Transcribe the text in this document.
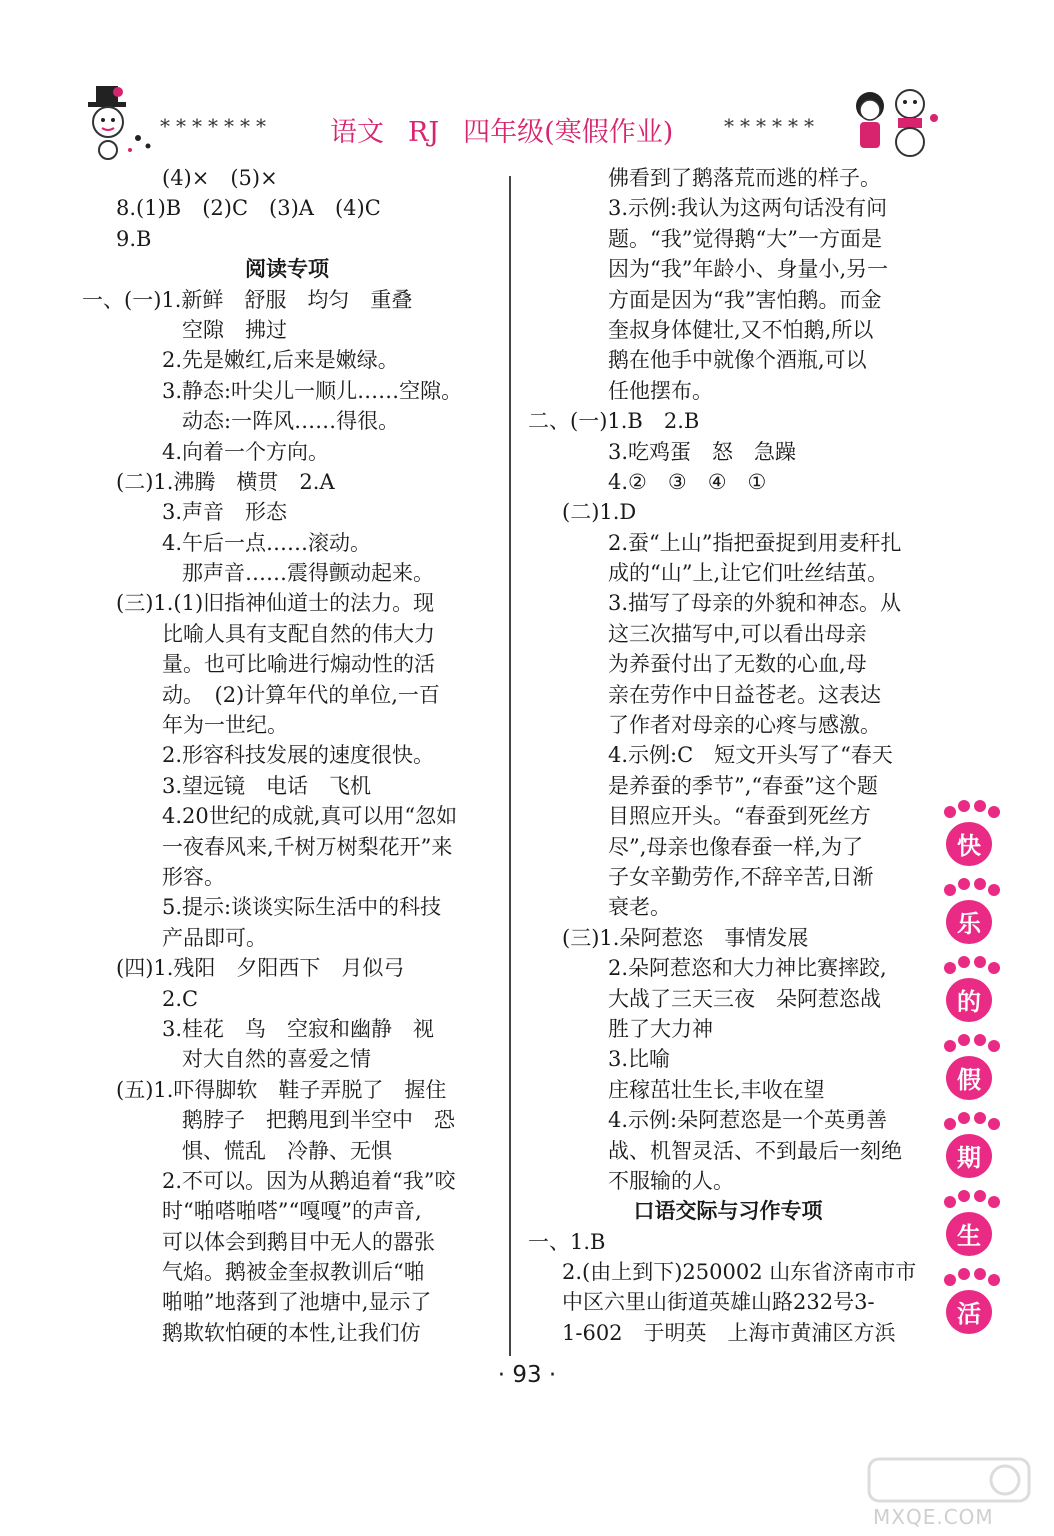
******* 语文 RJ 四年级(寒假作业)	******
(4)×　(5)×
8.(1)B　(2)C　(3)A　(4)C
9.B
阅读专项
一、(一)1.新鲜　舒服　均匀　重叠
空隙　拂过
2.先是嫩红,后来是嫩绿。
3.静态:叶尖儿一顺儿……空隙。
动态:一阵风……得很。
4.向着一个方向。
(二)1.沸腾　横贯　2.A
3.声音　形态
4.午后一点……滚动。
那声音……震得颤动起来。
(三)1.(1)旧指神仙道士的法力。现
比喻人具有支配自然的伟大力
量。也可比喻进行煽动性的活
动。　(2)计算年代的单位,一百
年为一世纪。
2.形容科技发展的速度很快。
3.望远镜　电话　飞机
4.20世纪的成就,真可以用“忽如
一夜春风来,千树万树梨花开”来
形容。
5.提示:谈谈实际生活中的科技
产品即可。
(四)1.残阳　夕阳西下　月似弓
2.C
3.桂花　鸟　空寂和幽静　视
对大自然的喜爱之情
(五)1.吓得脚软　鞋子弄脱了　握住
鹅脖子　把鹅甩到半空中　恐
惧、慌乱　冷静、无惧
2.不可以。因为从鹅追着“我”咬
时“啪嗒啪嗒”“嘎嘎”的声音,
可以体会到鹅目中无人的嚣张
气焰。鹅被金奎叔教训后“啪
啪啪”地落到了池塘中,显示了
鹅欺软怕硬的本性,让我们仿
佛看到了鹅落荒而逃的样子。
3.示例:我认为这两句话没有问
题。“我”觉得鹅“大”一方面是
因为“我”年龄小、身量小,另一
方面是因为“我”害怕鹅。而金
奎叔身体健壮,又不怕鹅,所以
鹅在他手中就像个酒瓶,可以
任他摆布。
二、(一)1.B　2.B
3.吃鸡蛋　怒　急躁
4.②　③　④　①
(二)1.D
2.蚕“上山”指把蚕捉到用麦秆扎
成的“山”上,让它们吐丝结茧。
3.描写了母亲的外貌和神态。从
这三次描写中,可以看出母亲
为养蚕付出了无数的心血,母
亲在劳作中日益苍老。这表达
了作者对母亲的心疼与感激。
4.示例:C　短文开头写了“春天
是养蚕的季节”,“春蚕”这个题
目照应开头。“春蚕到死丝方
尽”,母亲也像春蚕一样,为了
子女辛勤劳作,不辞辛苦,日渐
衰老。
(三)1.朵阿惹恣　事情发展
2.朵阿惹恣和大力神比赛摔跤,
大战了三天三夜　朵阿惹恣战
胜了大力神
3.比喻
庄稼茁壮生长,丰收在望
4.示例:朵阿惹恣是一个英勇善
战、机智灵活、不到最后一刻绝
不服输的人。
口语交际与习作专项
一、1.B
2.(由上到下)250002 山东省济南市市
中区六里山街道英雄山路232号3-
1-602　于明英　上海市黄浦区方浜
· 93 ·
快
乐
的
假
期
生
活
MXQE.COM
